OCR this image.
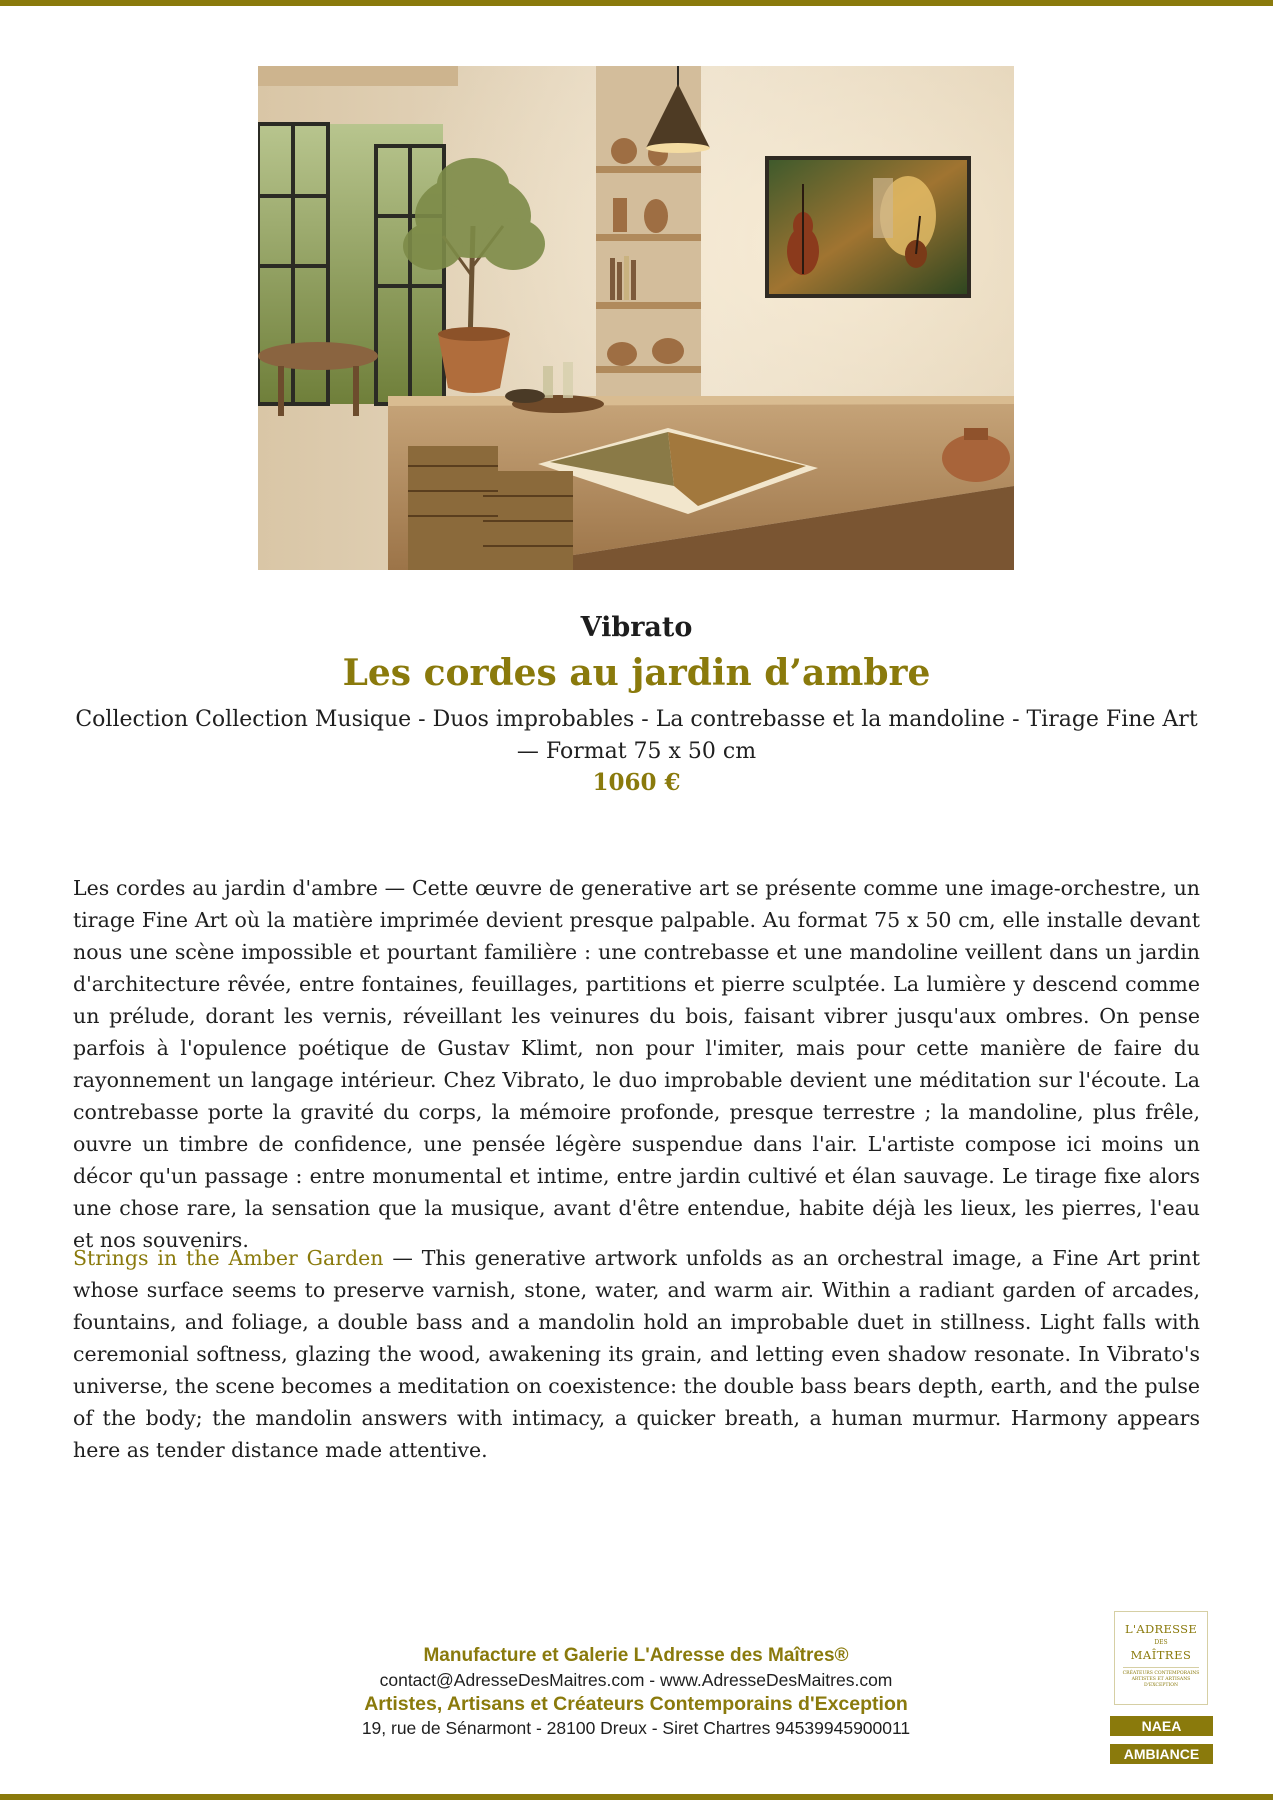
Vibrato
Les cordes au jardin d’ambre

Collection Collection Musique - Duos improbables - La contrebasse et la mandoline - Tirage Fine Art — Format 75 x 50 cm

1060 €

Les cordes au jardin d'ambre — Cette œuvre de generative art se présente comme une image-orchestre, un tirage Fine Art où la matière imprimée devient presque palpable. Au format 75 x 50 cm, elle installe devant nous une scène impossible et pourtant familière : une contrebasse et une mandoline veillent dans un jardin d'architecture rêvée, entre fontaines, feuillages, partitions et pierre sculptée. La lumière y descend comme un prélude, dorant les vernis, réveillant les veinures du bois, faisant vibrer jusqu'aux ombres. On pense parfois à l'opulence poétique de Gustav Klimt, non pour l'imiter, mais pour cette manière de faire du rayonnement un langage intérieur. Chez Vibrato, le duo improbable devient une méditation sur l'écoute. La contrebasse porte la gravité du corps, la mémoire profonde, presque terrestre ; la mandoline, plus frêle, ouvre un timbre de confidence, une pensée légère suspendue dans l'air. L'artiste compose ici moins un décor qu'un passage : entre monumental et intime, entre jardin cultivé et élan sauvage. Le tirage fixe alors une chose rare, la sensation que la musique, avant d'être entendue, habite déjà les lieux, les pierres, l'eau et nos souvenirs.

Strings in the Amber Garden — This generative artwork unfolds as an orchestral image, a Fine Art print whose surface seems to preserve varnish, stone, water, and warm air. Within a radiant garden of arcades, fountains, and foliage, a double bass and a mandolin hold an improbable duet in stillness. Light falls with ceremonial softness, glazing the wood, awakening its grain, and letting even shadow resonate. In Vibrato's universe, the scene becomes a meditation on coexistence: the double bass bears depth, earth, and the pulse of the body; the mandolin answers with intimacy, a quicker breath, a human murmur. Harmony appears here as tender distance made attentive.

Manufacture et Galerie L'Adresse des Maîtres®
contact@AdresseDesMaitres.com - www.AdresseDesMaitres.com
Artistes, Artisans et Créateurs Contemporains d'Exception
19, rue de Sénarmont - 28100 Dreux - Siret Chartres 94539945900011
L'ADRESSE
DES
MAÎTRES
CRÉATEURS CONTEMPORAINS ARTISTES ET ARTISANS D'EXCEPTION
NAEA
AMBIANCE
